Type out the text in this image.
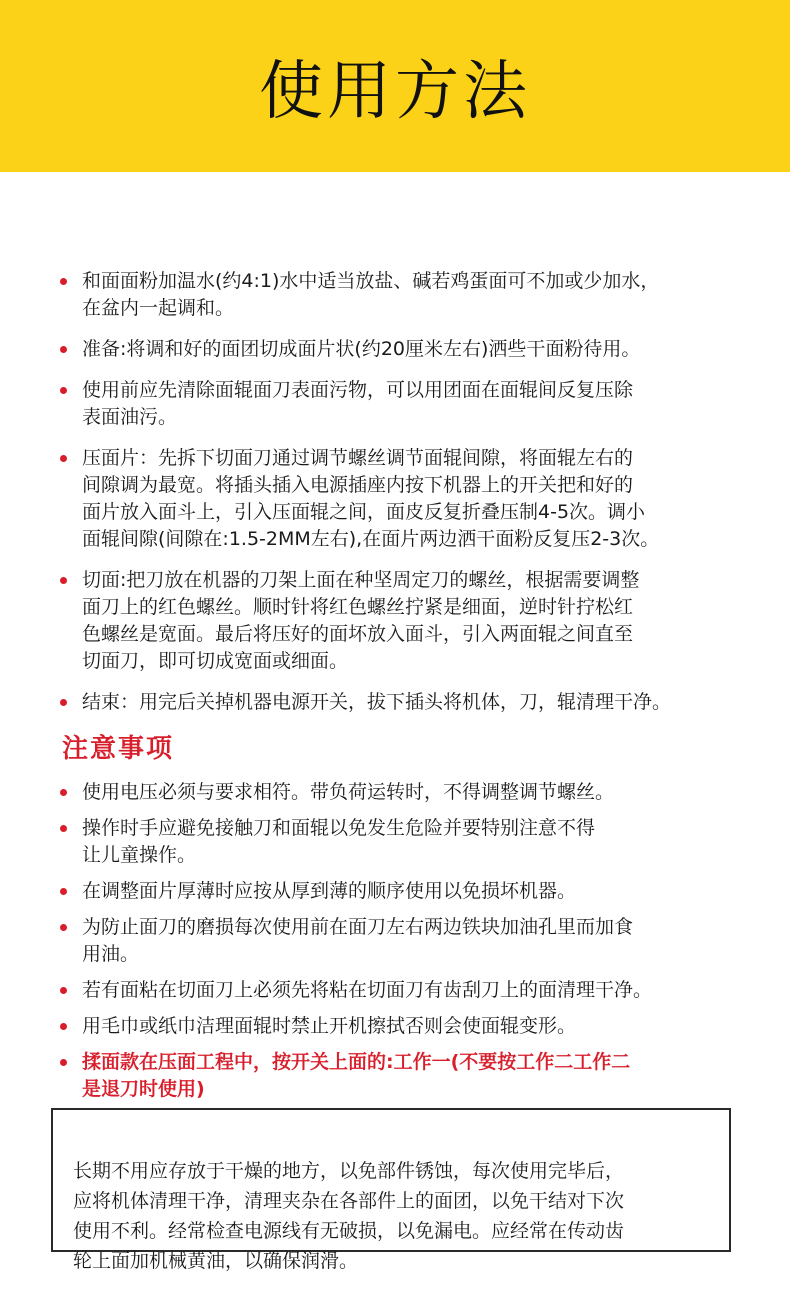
使用方法
和面面粉加温水(约4:1)水中适当放盐、碱若鸡蛋面可不加或少加水，
在盆内一起调和。
准备:将调和好的面团切成面片状(约20厘米左右)洒些干面粉待用。
使用前应先清除面辊面刀表面污物，可以用团面在面辊间反复压除
表面油污。
压面片：先拆下切面刀通过调节螺丝调节面辊间隙，将面辊左右的
间隙调为最宽。将插头插入电源插座内按下机器上的开关把和好的
面片放入面斗上，引入压面辊之间，面皮反复折叠压制4-5次。调小
面辊间隙(间隙在:1.5-2MM左右),在面片两边洒干面粉反复压2-3次。
切面:把刀放在机器的刀架上面在种坚周定刀的螺丝，根据需要调整
面刀上的红色螺丝。顺时针将红色螺丝拧紧是细面，逆时针拧松红
色螺丝是宽面。最后将压好的面坏放入面斗，引入两面辊之间直至
切面刀，即可切成宽面或细面。
结束：用完后关掉机器电源开关，拔下插头将机体，刀，辊清理干净。
注意事项
使用电压必须与要求相符。带负荷运转时，不得调整调节螺丝。
操作时手应避免接触刀和面辊以免发生危险并要特别注意不得
让儿童操作。
在调整面片厚薄时应按从厚到薄的顺序使用以免损坏机器。
为防止面刀的磨损每次使用前在面刀左右两边铁块加油孔里而加食
用油。
若有面粘在切面刀上必须先将粘在切面刀有齿刮刀上的面清理干净。
用毛巾或纸巾洁理面辊时禁止开机擦拭否则会使面辊变形。
揉面款在压面工程中，按开关上面的:工作一(不要按工作二工作二
是退刀时使用)

长期不用应存放于干燥的地方，以免部件锈蚀，每次使用完毕后，
应将机体清理干净，清理夹杂在各部件上的面团，以免干结对下次
使用不利。经常检查电源线有无破损，以免漏电。应经常在传动齿
轮上面加机械黄油，以确保润滑。
